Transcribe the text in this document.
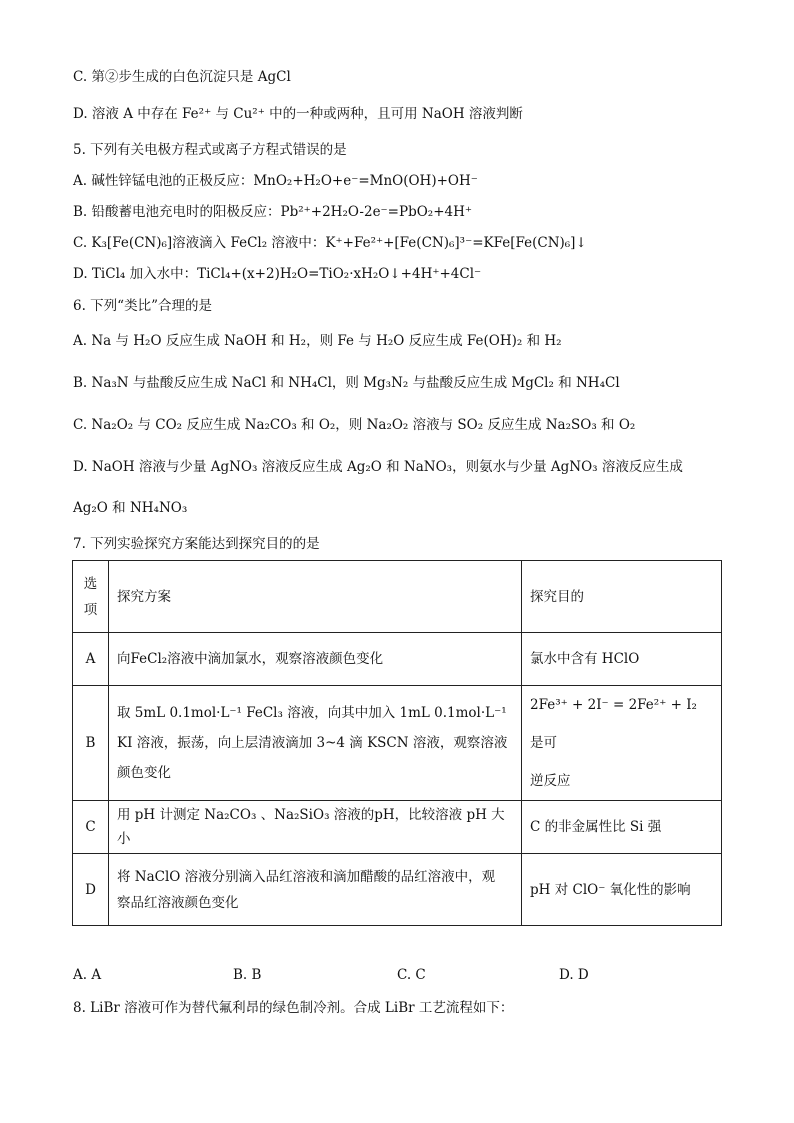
C. 第②步生成的白色沉淀只是 AgCl
D. 溶液 A 中存在 Fe²⁺ 与 Cu²⁺ 中的一种或两种，且可用 NaOH 溶液判断
5. 下列有关电极方程式或离子方程式错误的是
A. 碱性锌锰电池的正极反应：MnO₂+H₂O+e⁻=MnO(OH)+OH⁻
B. 铅酸蓄电池充电时的阳极反应：Pb²⁺+2H₂O-2e⁻=PbO₂+4H⁺
C. K₃[Fe(CN)₆]溶液滴入 FeCl₂ 溶液中：K⁺+Fe²⁺+[Fe(CN)₆]³⁻=KFe[Fe(CN)₆]↓
D. TiCl₄ 加入水中：TiCl₄+(x+2)H₂O=TiO₂·xH₂O↓+4H⁺+4Cl⁻
6. 下列“类比”合理的是
A. Na 与 H₂O 反应生成 NaOH 和 H₂，则 Fe 与 H₂O 反应生成 Fe(OH)₂ 和 H₂
B. Na₃N 与盐酸反应生成 NaCl 和 NH₄Cl，则 Mg₃N₂ 与盐酸反应生成 MgCl₂ 和 NH₄Cl
C. Na₂O₂ 与 CO₂ 反应生成 Na₂CO₃ 和 O₂，则 Na₂O₂ 溶液与 SO₂ 反应生成 Na₂SO₃ 和 O₂
D. NaOH 溶液与少量 AgNO₃ 溶液反应生成 Ag₂O 和 NaNO₃，则氨水与少量 AgNO₃ 溶液反应生成
Ag₂O 和 NH₄NO₃
7. 下列实验探究方案能达到探究目的的是
选
项	探究方案	探究目的
A	向FeCl₂溶液中滴加氯水，观察溶液颜色变化	氯水中含有 HClO
B	取 5mL 0.1mol·L⁻¹ FeCl₃ 溶液，向其中加入 1mL 0.1mol·L⁻¹
KI 溶液，振荡，向上层清液滴加 3~4 滴 KSCN 溶液，观察溶液
颜色变化	2Fe³⁺ + 2I⁻ = 2Fe²⁺ + I₂ 是可
逆反应
C	用 pH 计测定 Na₂CO₃ 、Na₂SiO₃ 溶液的pH，比较溶液 pH 大小	C 的非金属性比 Si 强
D	将 NaClO 溶液分别滴入品红溶液和滴加醋酸的品红溶液中，观
察品红溶液颜色变化	pH 对 ClO⁻ 氧化性的影响
A. A	B. B	C. C	D. D
8. LiBr 溶液可作为替代氟利昂的绿色制冷剂。合成 LiBr 工艺流程如下：
